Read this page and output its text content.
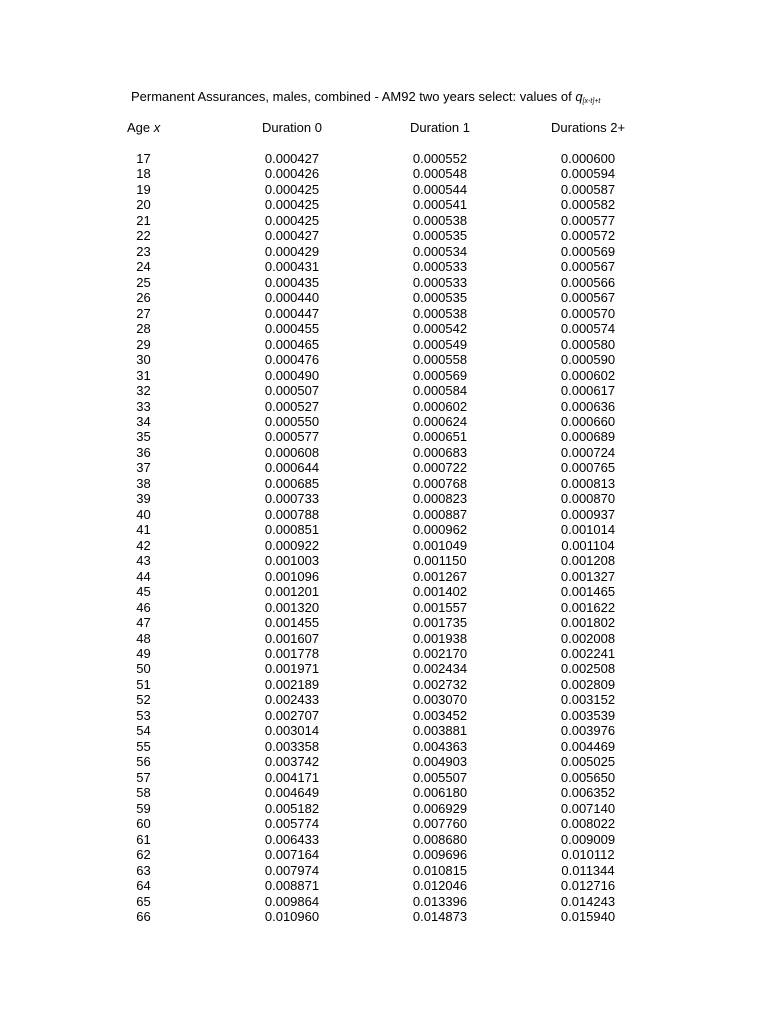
Permanent Assurances, males, combined - AM92 two years select: values of $q_{[x-t]+t}$
Age x	Duration 0	Duration 1	Durations 2+
17	0.000427	0.000552	0.000600
18	0.000426	0.000548	0.000594
19	0.000425	0.000544	0.000587
20	0.000425	0.000541	0.000582
21	0.000425	0.000538	0.000577
22	0.000427	0.000535	0.000572
23	0.000429	0.000534	0.000569
24	0.000431	0.000533	0.000567
25	0.000435	0.000533	0.000566
26	0.000440	0.000535	0.000567
27	0.000447	0.000538	0.000570
28	0.000455	0.000542	0.000574
29	0.000465	0.000549	0.000580
30	0.000476	0.000558	0.000590
31	0.000490	0.000569	0.000602
32	0.000507	0.000584	0.000617
33	0.000527	0.000602	0.000636
34	0.000550	0.000624	0.000660
35	0.000577	0.000651	0.000689
36	0.000608	0.000683	0.000724
37	0.000644	0.000722	0.000765
38	0.000685	0.000768	0.000813
39	0.000733	0.000823	0.000870
40	0.000788	0.000887	0.000937
41	0.000851	0.000962	0.001014
42	0.000922	0.001049	0.001104
43	0.001003	0.001150	0.001208
44	0.001096	0.001267	0.001327
45	0.001201	0.001402	0.001465
46	0.001320	0.001557	0.001622
47	0.001455	0.001735	0.001802
48	0.001607	0.001938	0.002008
49	0.001778	0.002170	0.002241
50	0.001971	0.002434	0.002508
51	0.002189	0.002732	0.002809
52	0.002433	0.003070	0.003152
53	0.002707	0.003452	0.003539
54	0.003014	0.003881	0.003976
55	0.003358	0.004363	0.004469
56	0.003742	0.004903	0.005025
57	0.004171	0.005507	0.005650
58	0.004649	0.006180	0.006352
59	0.005182	0.006929	0.007140
60	0.005774	0.007760	0.008022
61	0.006433	0.008680	0.009009
62	0.007164	0.009696	0.010112
63	0.007974	0.010815	0.011344
64	0.008871	0.012046	0.012716
65	0.009864	0.013396	0.014243
66	0.010960	0.014873	0.015940
